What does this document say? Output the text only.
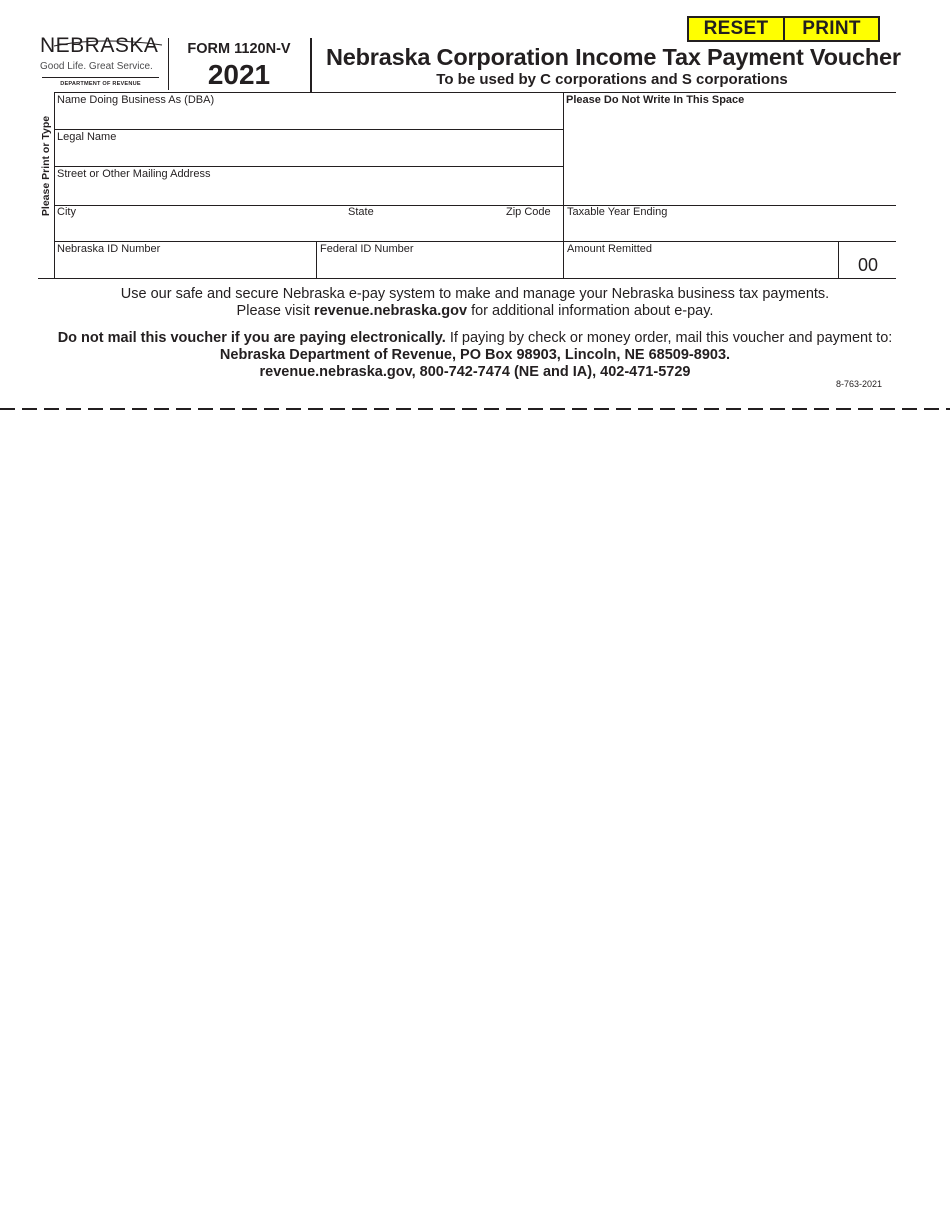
RESET	PRINT
NEBRASKA
Good Life. Great Service.
DEPARTMENT OF REVENUE
FORM 1120N-V
2021
Nebraska Corporation Income Tax Payment Voucher
To be used by C corporations and S corporations
Please Print or Type
Name Doing Business As (DBA)
Legal Name
Street or Other Mailing Address
City	State	Zip Code
Nebraska ID Number	Federal ID Number
Please Do Not Write In This Space
Taxable Year Ending
Amount Remitted
00
Use our safe and secure Nebraska e-pay system to make and manage your Nebraska business tax payments.
Please visit revenue.nebraska.gov for additional information about e-pay.
Do not mail this voucher if you are paying electronically. If paying by check or money order, mail this voucher and payment to:
Nebraska Department of Revenue, PO Box 98903, Lincoln, NE 68509-8903.
revenue.nebraska.gov, 800-742-7474 (NE and IA), 402-471-5729
8-763-2021
